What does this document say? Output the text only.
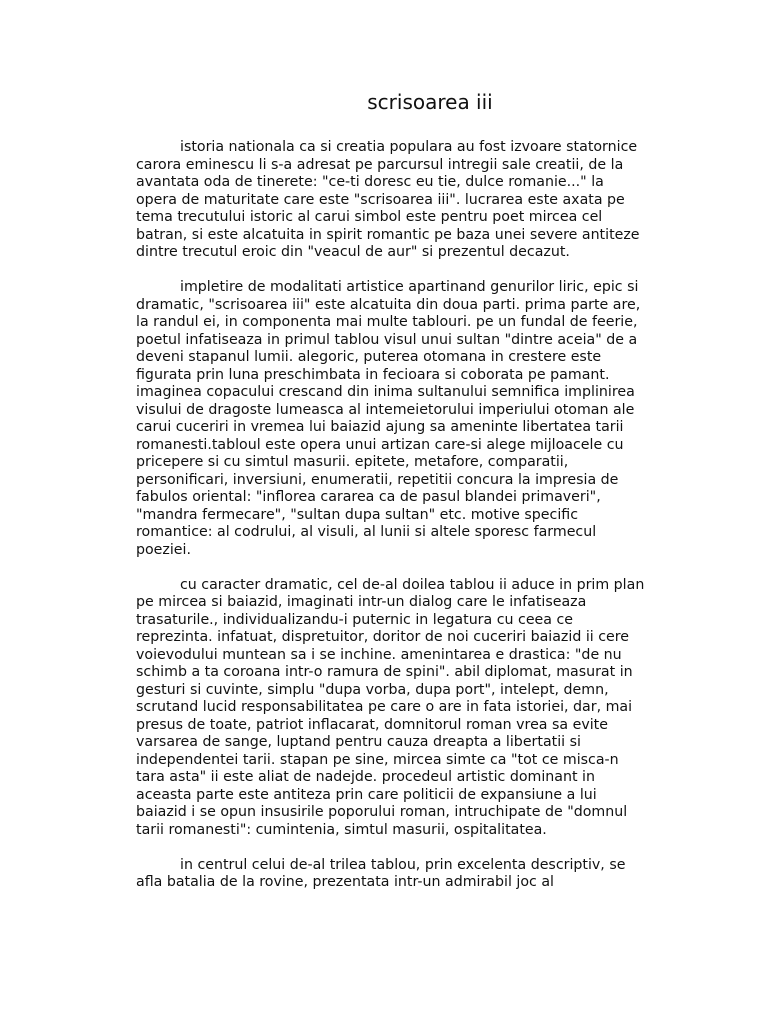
scrisoarea iii

istoria nationala ca si creatia populara au fost izvoare statornice
carora eminescu li s-a adresat pe parcursul intregii sale creatii, de la
avantata oda de tinerete: "ce-ti doresc eu tie, dulce romanie..." la
opera de maturitate care este "scrisoarea iii". lucrarea este axata pe
tema trecutului istoric al carui simbol este pentru poet mircea cel
batran, si este alcatuita in spirit romantic pe baza unei severe antiteze
dintre trecutul eroic din "veacul de aur" si prezentul decazut.

impletire de modalitati artistice apartinand genurilor liric, epic si
dramatic, "scrisoarea iii" este alcatuita din doua parti. prima parte are,
la randul ei, in componenta mai multe tablouri. pe un fundal de feerie,
poetul infatiseaza in primul tablou visul unui sultan "dintre aceia" de a
deveni stapanul lumii. alegoric, puterea otomana in crestere este
figurata prin luna preschimbata in fecioara si coborata pe pamant.
imaginea copacului crescand din inima sultanului semnifica implinirea
visului de dragoste lumeasca al intemeietorului imperiului otoman ale
carui cuceriri in vremea lui baiazid ajung sa ameninte libertatea tarii
romanesti.tabloul este opera unui artizan care-si alege mijloacele cu
pricepere si cu simtul masurii. epitete, metafore, comparatii,
personificari, inversiuni, enumeratii, repetitii concura la impresia de
fabulos oriental: "inflorea cararea ca de pasul blandei primaveri",
"mandra fermecare", "sultan dupa sultan" etc. motive specific
romantice: al codrului, al visuli, al lunii si altele sporesc farmecul
poeziei.

cu caracter dramatic, cel de-al doilea tablou ii aduce in prim plan
pe mircea si baiazid, imaginati intr-un dialog care le infatiseaza
trasaturile., individualizandu-i puternic in legatura cu ceea ce
reprezinta. infatuat, dispretuitor, doritor de noi cuceriri baiazid ii cere
voievodului muntean sa i se inchine. amenintarea e drastica: "de nu
schimb a ta coroana intr-o ramura de spini". abil diplomat, masurat in
gesturi si cuvinte, simplu "dupa vorba, dupa port", intelept, demn,
scrutand lucid responsabilitatea pe care o are in fata istoriei, dar, mai
presus de toate, patriot inflacarat, domnitorul roman vrea sa evite
varsarea de sange, luptand pentru cauza dreapta a libertatii si
independentei tarii. stapan pe sine, mircea simte ca "tot ce misca-n
tara asta" ii este aliat de nadejde. procedeul artistic dominant in
aceasta parte este antiteza prin care politicii de expansiune a lui
baiazid i se opun insusirile poporului roman, intruchipate de "domnul
tarii romanesti": cumintenia, simtul masurii, ospitalitatea.

in centrul celui de-al trilea tablou, prin excelenta descriptiv, se
afla batalia de la rovine, prezentata intr-un admirabil joc al
